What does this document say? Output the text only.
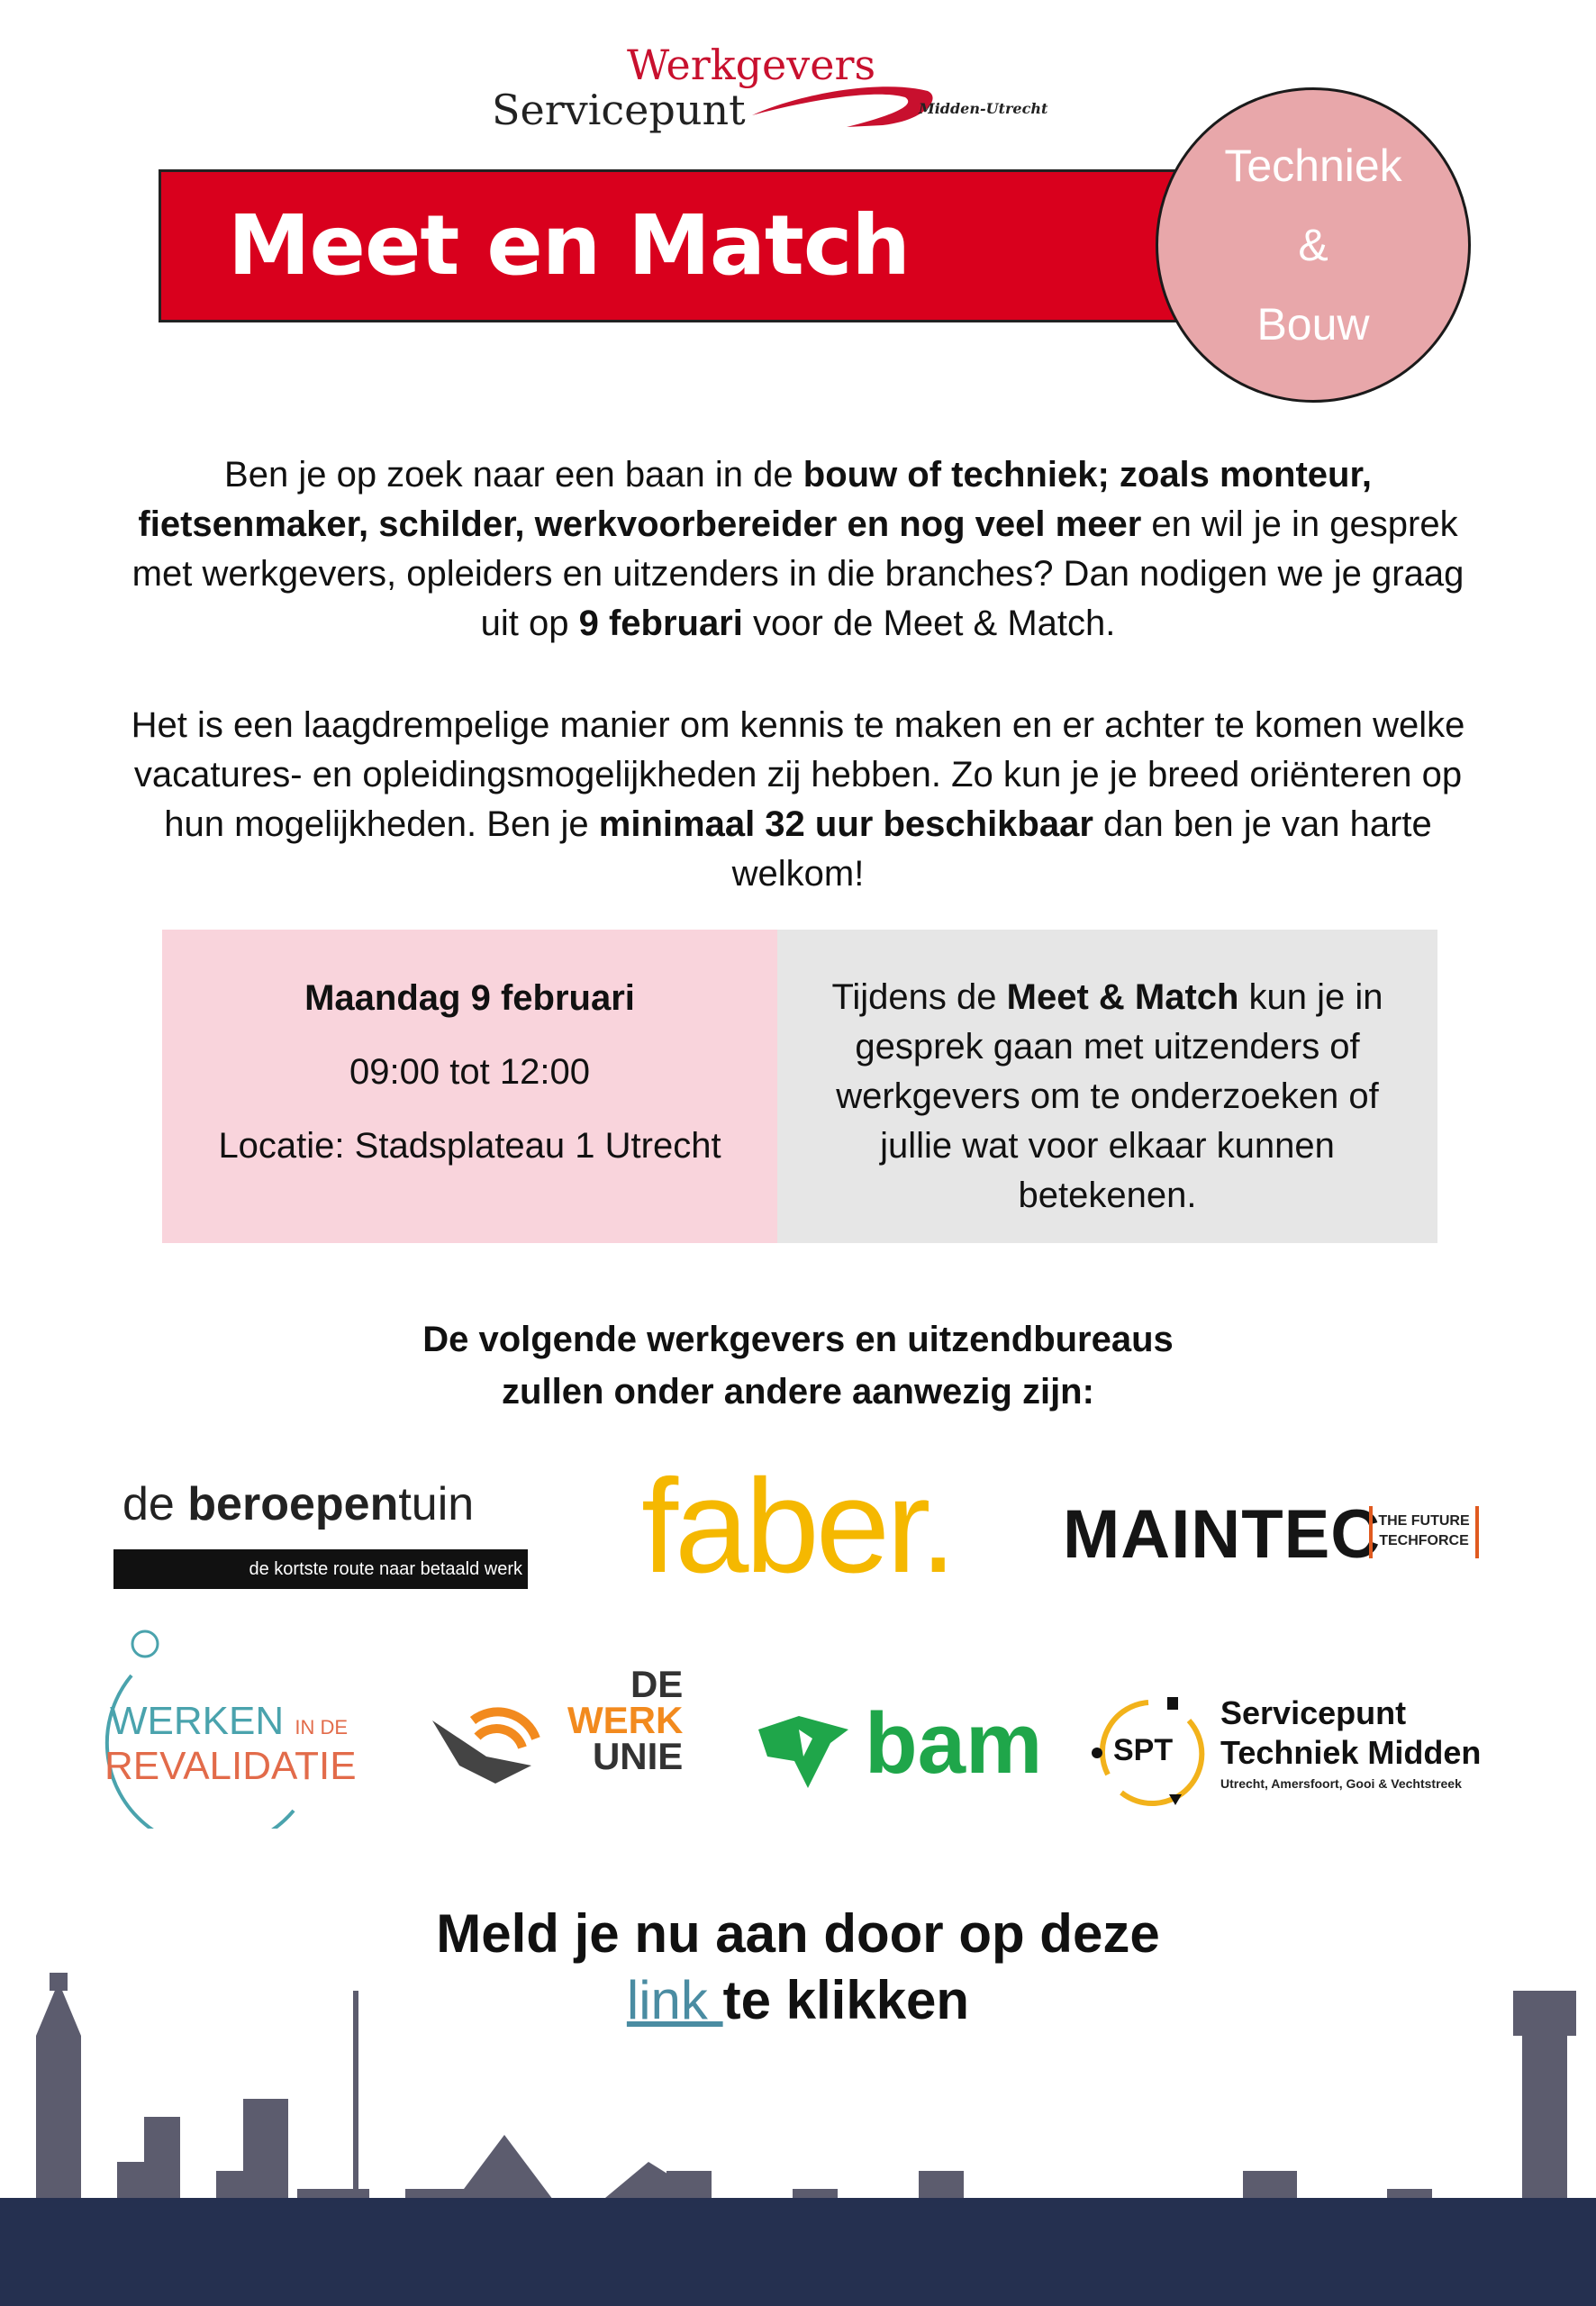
Werkgevers
Servicepunt	Midden-Utrecht
Meet en Match
Techniek
&
Bouw
Ben je op zoek naar een baan in de bouw of techniek; zoals monteur, fietsenmaker, schilder, werkvoorbereider en nog veel meer en wil je in gesprek met werkgevers, opleiders en uitzenders in die branches? Dan nodigen we je graag uit op 9 februari voor de Meet & Match.
Het is een laagdrempelige manier om kennis te maken en er achter te komen welke vacatures- en opleidingsmogelijkheden zij hebben. Zo kun je je breed oriënteren op hun mogelijkheden. Ben je minimaal 32 uur beschikbaar dan ben je van harte welkom!
Maandag 9 februari
09:00 tot 12:00
Locatie: Stadsplateau 1 Utrecht
Tijdens de Meet & Match kun je in gesprek gaan met uitzenders of werkgevers om te onderzoeken of jullie wat voor elkaar kunnen betekenen.
De volgende werkgevers en uitzendbureaus
zullen onder andere aanwezig zijn:
de beroepentuin
de kortste route naar betaald werk faber. MAINTEC
THE FUTURE
TECHFORCE
WERKEN IN DE
REVALIDATIE
DE
WERK
UNIE bam SPT
Servicepunt
Techniek Midden
Utrecht, Amersfoort, Gooi & Vechtstreek
Meld je nu aan door op deze
link te klikken
